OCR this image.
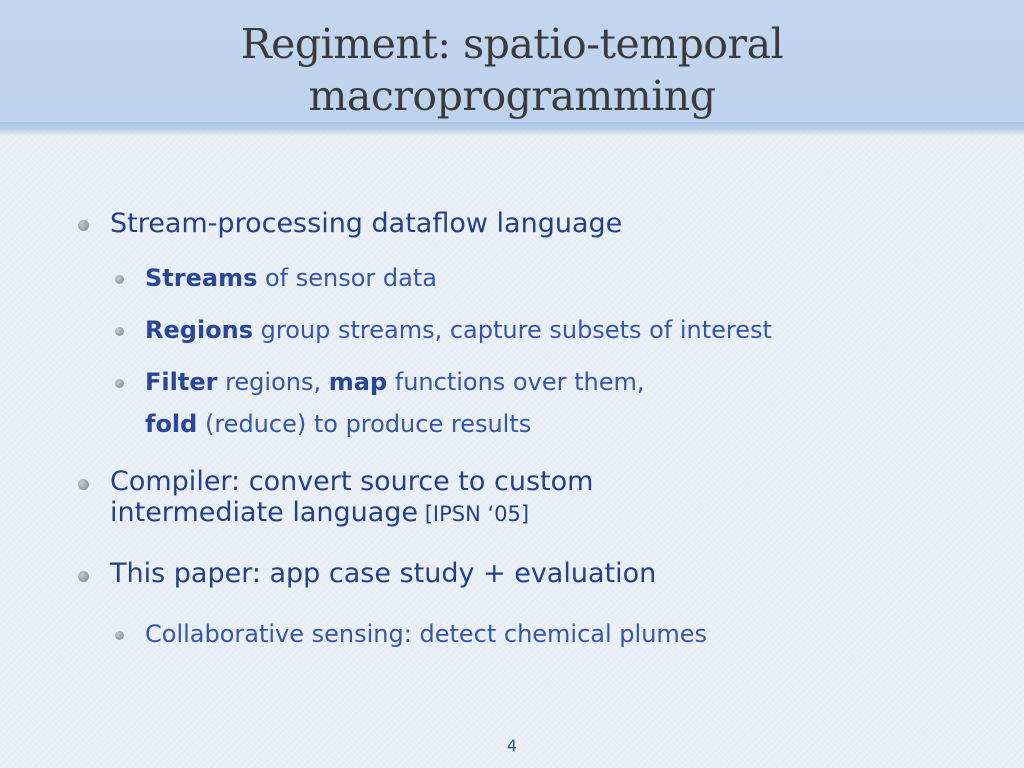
Regiment: spatio-temporal
macroprogramming
Stream-processing dataflow language
Streams of sensor data
Regions group streams, capture subsets of interest
Filter regions, map functions over them,
fold (reduce) to produce results
Compiler: convert source to custom
intermediate language [IPSN ‘05]
This paper: app case study + evaluation
Collaborative sensing: detect chemical plumes
4
